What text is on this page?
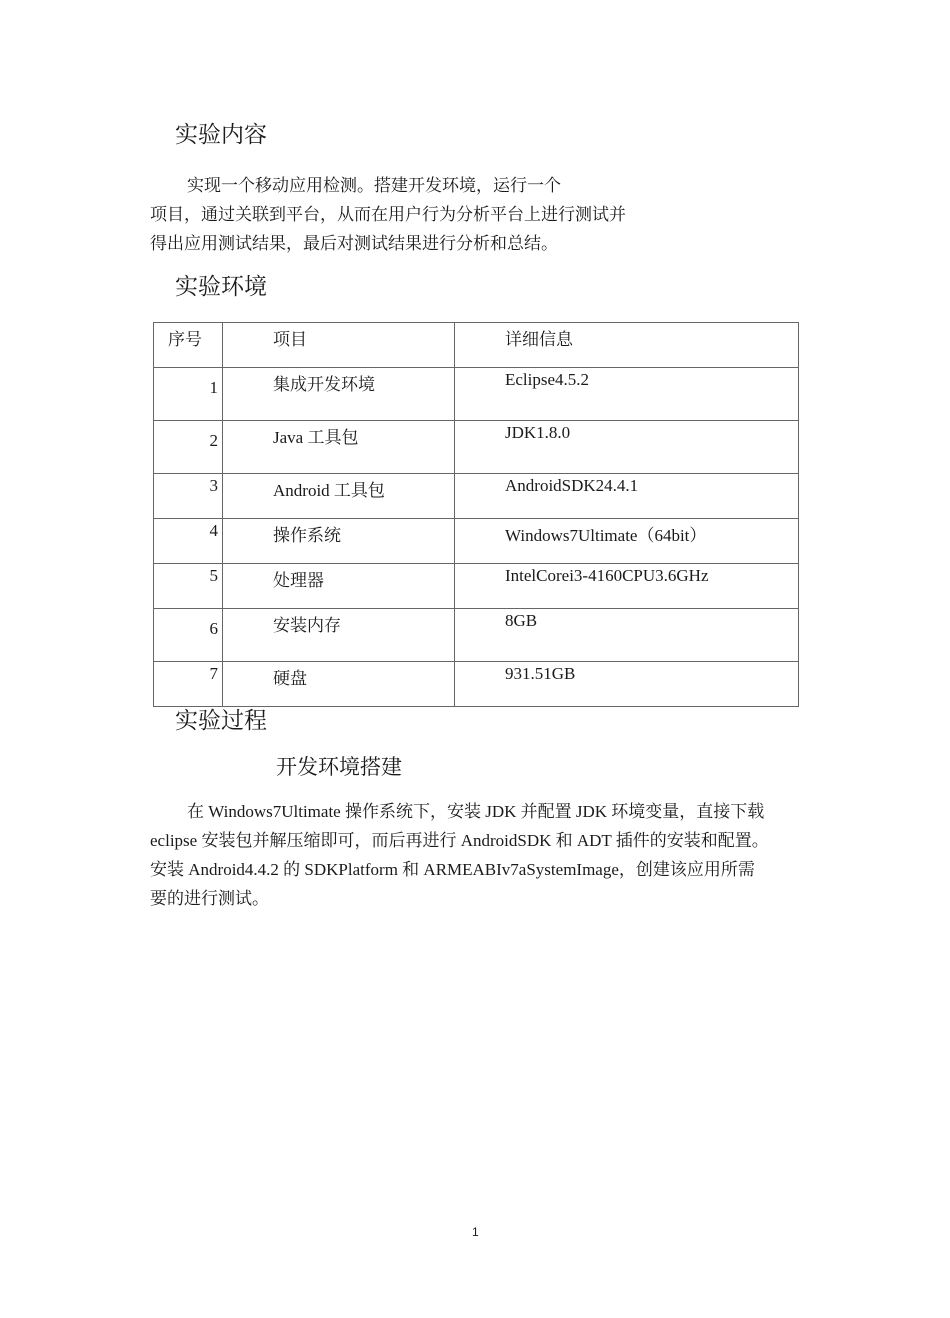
实验内容
实现一个移动应用检测。搭建开发环境，运行一个
项目，通过关联到平台，从而在用户行为分析平台上进行测试并
得出应用测试结果，最后对测试结果进行分析和总结。
实验环境
序号	项目	详细信息
1	集成开发环境	Eclipse4.5.2
2	Java 工具包	JDK1.8.0
3	Android 工具包	AndroidSDK24.4.1
4	操作系统	Windows7Ultimate（64bit）
5	处理器	IntelCorei3-4160CPU3.6GHz
6	安装内存	8GB
7	硬盘	931.51GB
实验过程
开发环境搭建
在 Windows7Ultimate 操作系统下，安装 JDK 并配置 JDK 环境变量，直接下载
eclipse 安装包并解压缩即可，而后再进行 AndroidSDK 和 ADT 插件的安装和配置。
安装 Android4.4.2 的 SDKPlatform 和 ARMEABIv7aSystemImage，创建该应用所需
要的进行测试。
1
